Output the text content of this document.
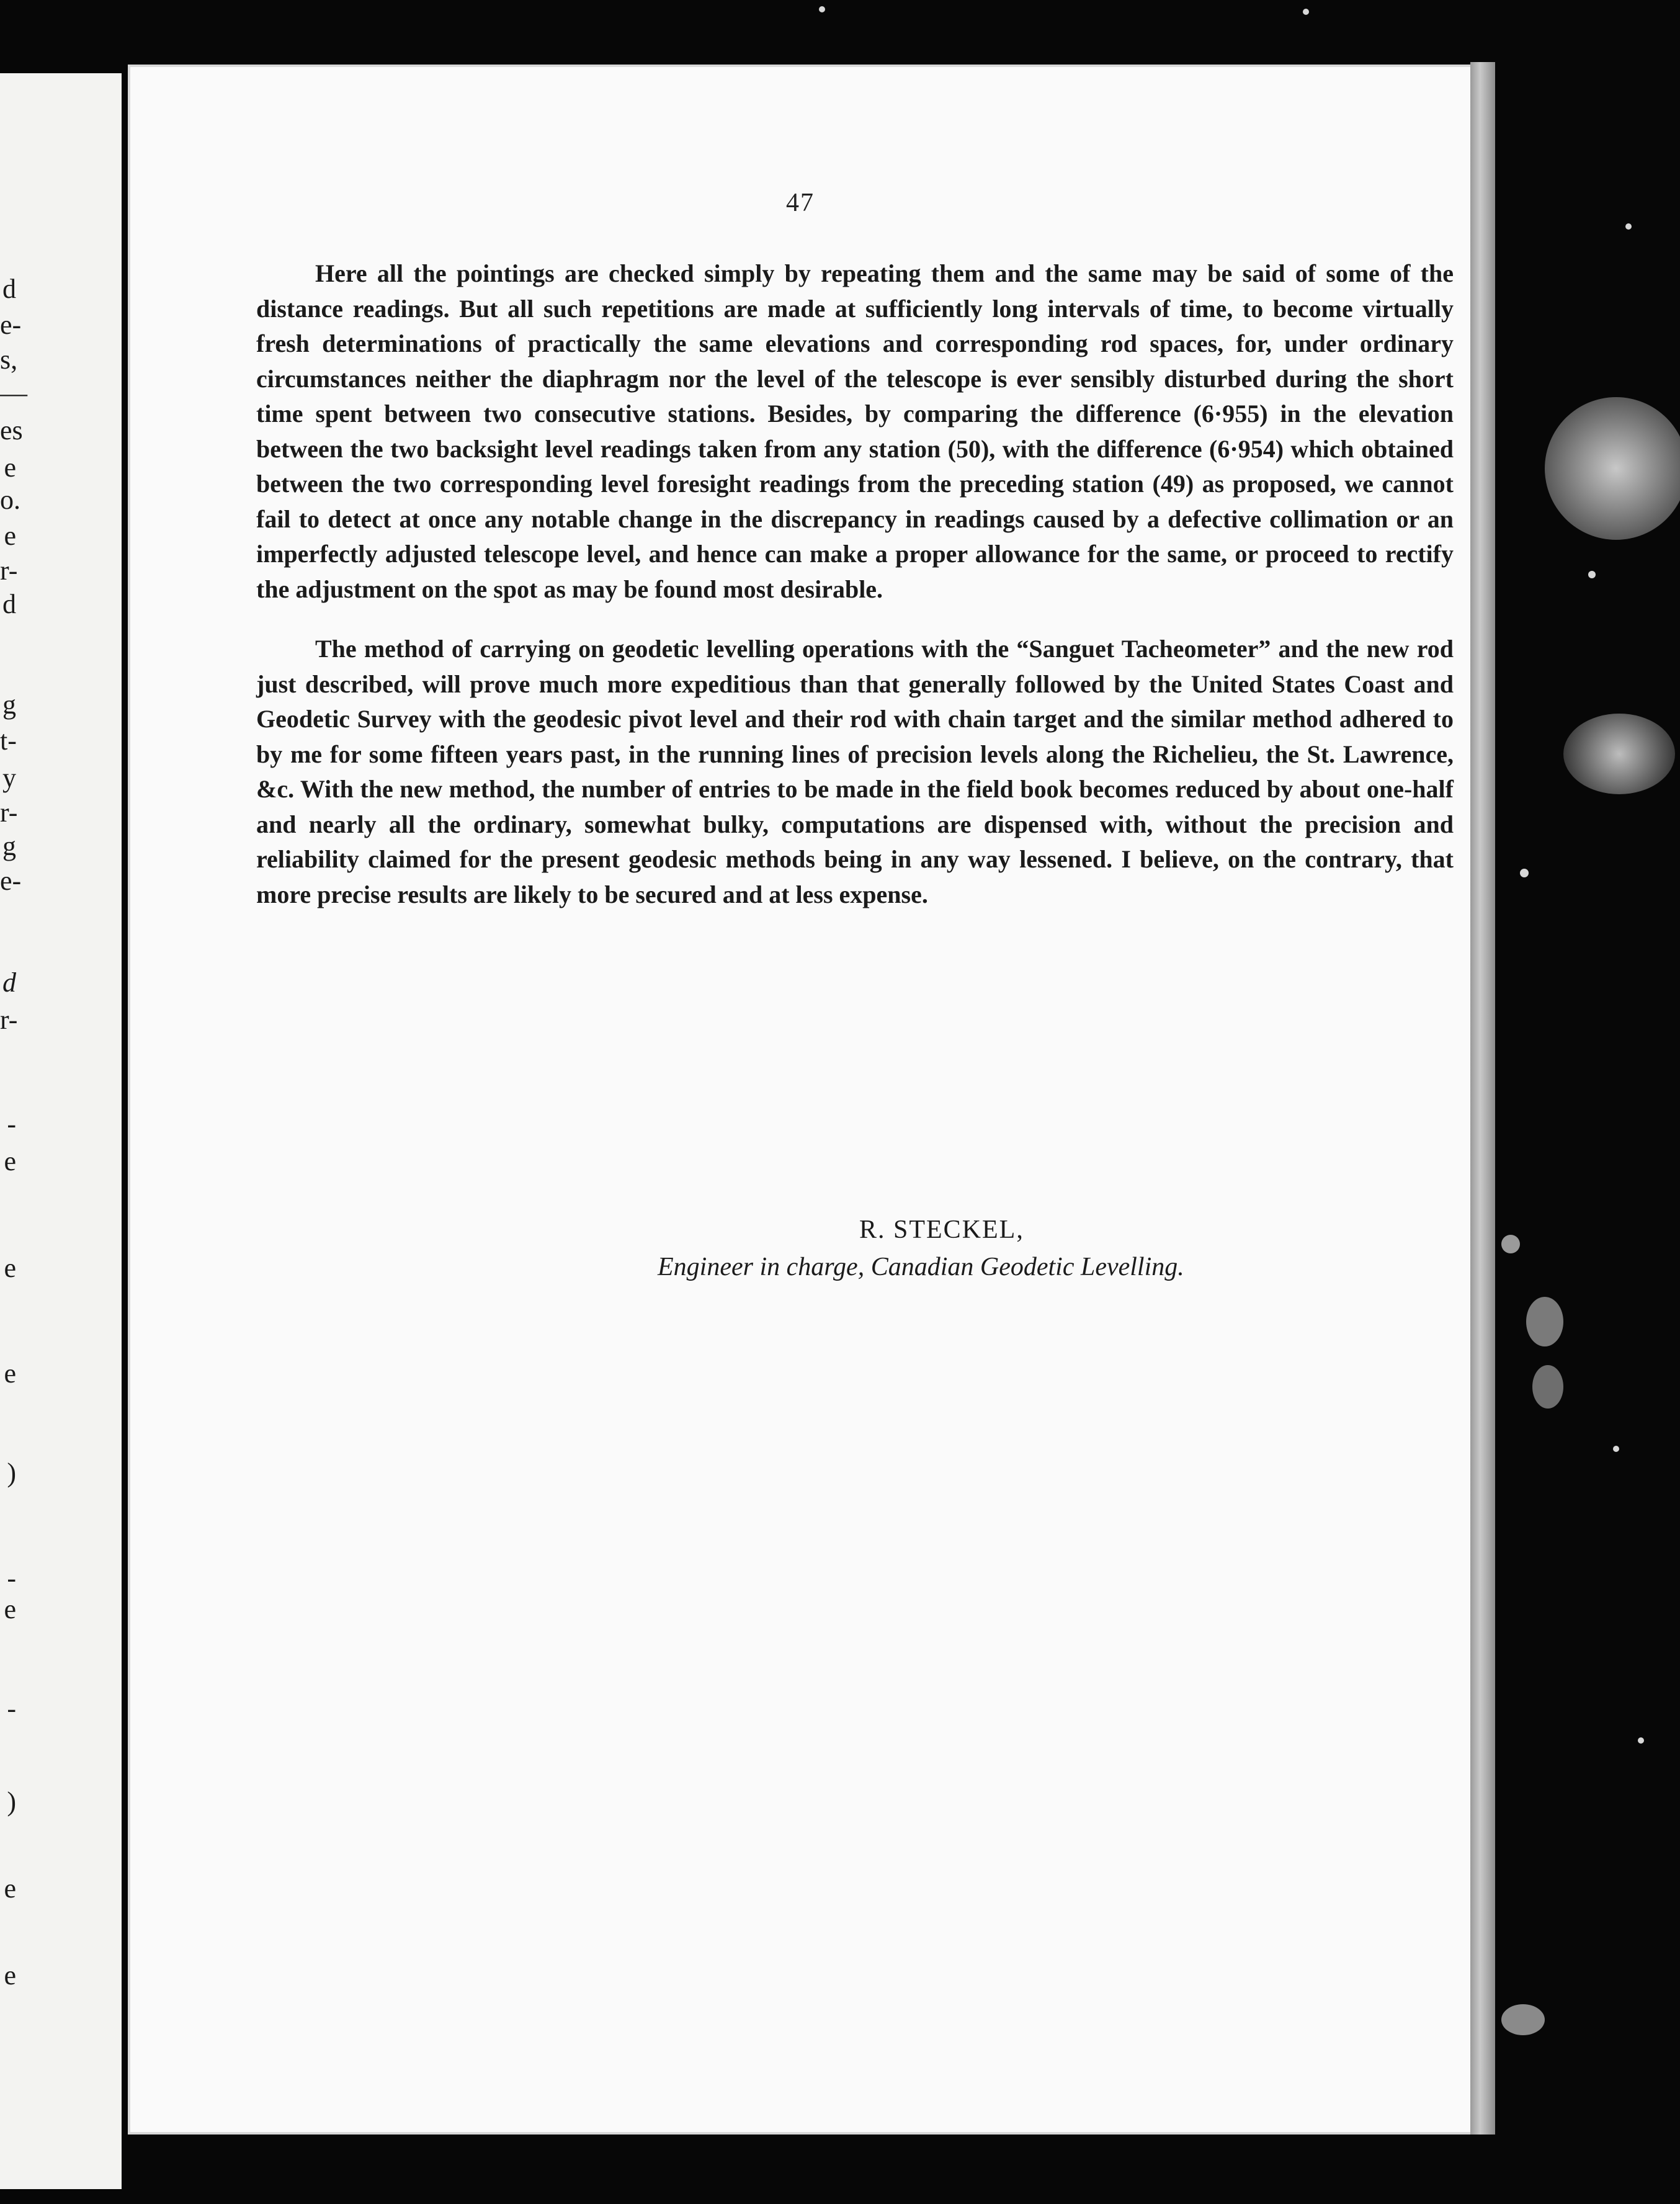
d
e-
s,
—
es
e
o.
e
r-
d
g
t-
y
r-
g
e-
d
r-
-
e
e
e
)
-
e
-
)
e
e
47

Here all the pointings are checked simply by repeating them and the same may be said of some of the distance readings. But all such repetitions are made at sufficiently long intervals of time, to become virtually fresh determinations of practically the same elevations and corresponding rod spaces, for, under ordinary circumstances neither the diaphragm nor the level of the telescope is ever sensibly disturbed during the short time spent between two consecutive stations. Besides, by comparing the difference (6·955) in the elevation between the two backsight level readings taken from any station (50), with the difference (6·954) which obtained between the two corresponding level foresight readings from the preceding station (49) as proposed, we cannot fail to detect at once any notable change in the discrepancy in readings caused by a defective collimation or an imperfectly adjusted telescope level, and hence can make a proper allowance for the same, or proceed to rectify the adjustment on the spot as may be found most desirable.

The method of carrying on geodetic levelling operations with the “Sanguet Tacheometer” and the new rod just described, will prove much more expeditious than that generally followed by the United States Coast and Geodetic Survey with the geodesic pivot level and their rod with chain target and the similar method adhered to by me for some fifteen years past, in the running lines of precision levels along the Richelieu, the St. Lawrence, &c. With the new method, the number of entries to be made in the field book becomes reduced by about one-half and nearly all the ordinary, somewhat bulky, computations are dispensed with, without the precision and reliability claimed for the present geodesic methods being in any way lessened. I believe, on the contrary, that more precise results are likely to be secured and at less expense.

R. STECKEL,
Engineer in charge, Canadian Geodetic Levelling.
